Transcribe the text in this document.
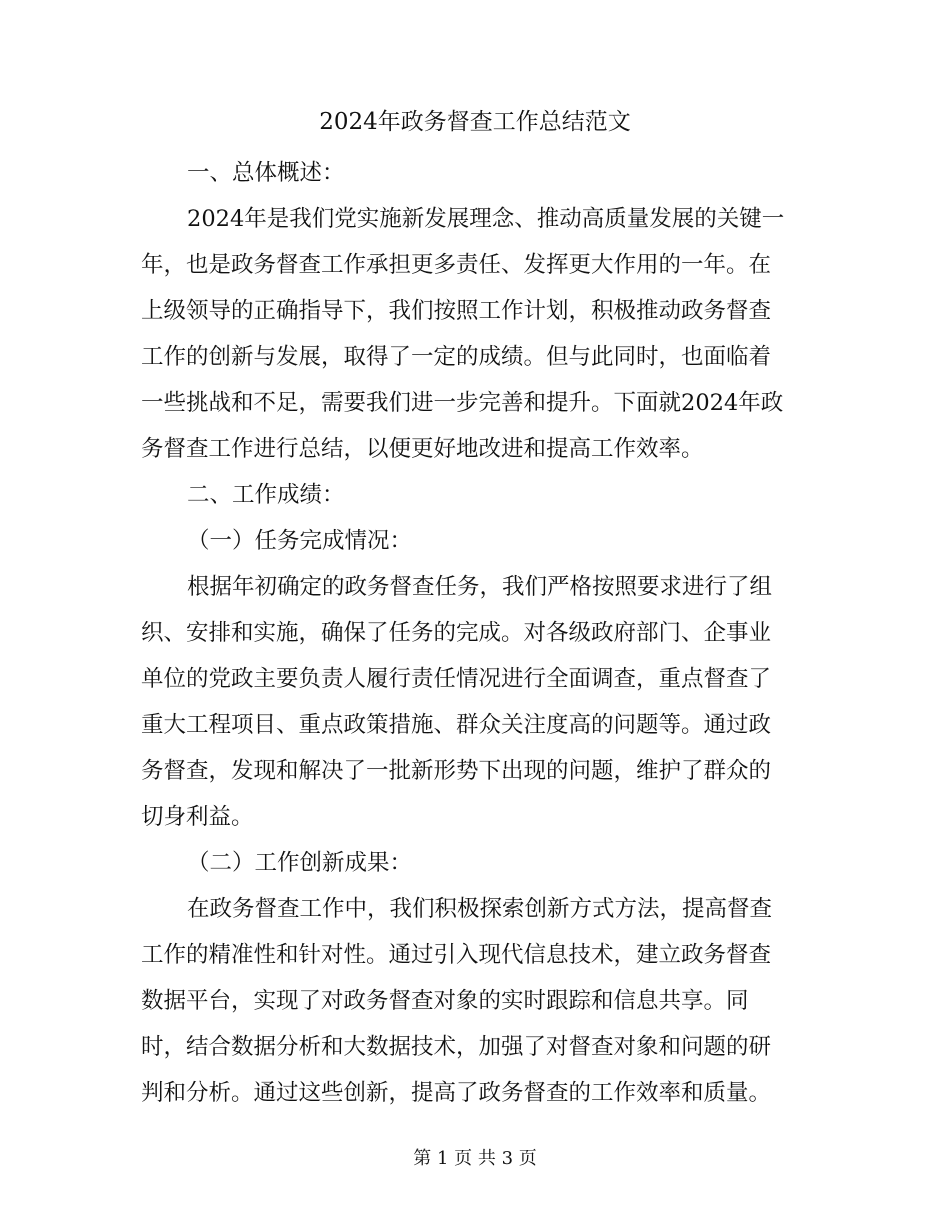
2024年政务督查工作总结范文
一、总体概述：
2024年是我们党实施新发展理念、推动高质量发展的关键一
年，也是政务督查工作承担更多责任、发挥更大作用的一年。在
上级领导的正确指导下，我们按照工作计划，积极推动政务督查
工作的创新与发展，取得了一定的成绩。但与此同时，也面临着
一些挑战和不足，需要我们进一步完善和提升。下面就2024年政
务督查工作进行总结，以便更好地改进和提高工作效率。
二、工作成绩：
（一）任务完成情况：
根据年初确定的政务督查任务，我们严格按照要求进行了组
织、安排和实施，确保了任务的完成。对各级政府部门、企事业
单位的党政主要负责人履行责任情况进行全面调查，重点督查了
重大工程项目、重点政策措施、群众关注度高的问题等。通过政
务督查，发现和解决了一批新形势下出现的问题，维护了群众的
切身利益。
（二）工作创新成果：
在政务督查工作中，我们积极探索创新方式方法，提高督查
工作的精准性和针对性。通过引入现代信息技术，建立政务督查
数据平台，实现了对政务督查对象的实时跟踪和信息共享。同
时，结合数据分析和大数据技术，加强了对督查对象和问题的研
判和分析。通过这些创新，提高了政务督查的工作效率和质量。
第 1 页 共 3 页
